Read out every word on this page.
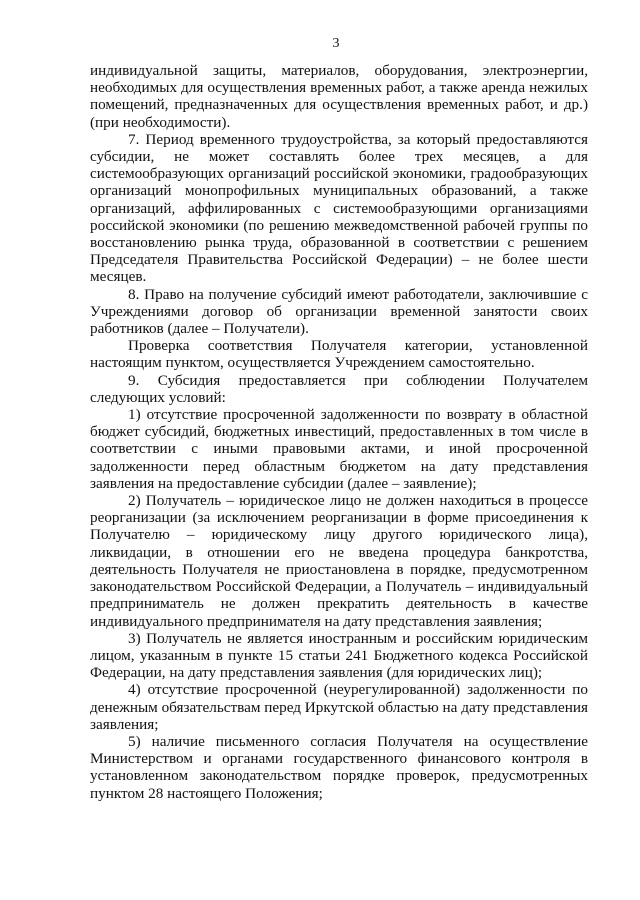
3

индивидуальной защиты, материалов, оборудования, электроэнергии, необходимых для осуществления временных работ, а также аренда нежилых помещений, предназначенных для осуществления временных работ, и др.) (при необходимости).

7. Период временного трудоустройства, за который предоставляются субсидии, не может составлять более трех месяцев, а для системообразующих организаций российской экономики, градообразующих организаций монопрофильных муниципальных образований, а также организаций, аффилированных с системообразующими организациями российской экономики (по решению межведомственной рабочей группы по восстановлению рынка труда, образованной в соответствии с решением Председателя Правительства Российской Федерации) – не более шести месяцев.

8. Право на получение субсидий имеют работодатели, заключившие с Учреждениями договор об организации временной занятости своих работников (далее – Получатели).

Проверка соответствия Получателя категории, установленной настоящим пунктом, осуществляется Учреждением самостоятельно.

9. Субсидия предоставляется при соблюдении Получателем следующих условий:

1) отсутствие просроченной задолженности по возврату в областной бюджет субсидий, бюджетных инвестиций, предоставленных в том числе в соответствии с иными правовыми актами, и иной просроченной задолженности перед областным бюджетом на дату представления заявления на предоставление субсидии (далее – заявление);

2) Получатель – юридическое лицо не должен находиться в процессе реорганизации (за исключением реорганизации в форме присоединения к Получателю – юридическому лицу другого юридического лица), ликвидации, в отношении его не введена процедура банкротства, деятельность Получателя не приостановлена в порядке, предусмотренном законодательством Российской Федерации, а Получатель – индивидуальный предприниматель не должен прекратить деятельность в качестве индивидуального предпринимателя на дату представления заявления;

3) Получатель не является иностранным и российским юридическим лицом, указанным в пункте 15 статьи 241 Бюджетного кодекса Российской Федерации, на дату представления заявления (для юридических лиц);

4) отсутствие просроченной (неурегулированной) задолженности по денежным обязательствам перед Иркутской областью на дату представления заявления;

5) наличие письменного согласия Получателя на осуществление Министерством и органами государственного финансового контроля в установленном законодательством порядке проверок, предусмотренных пунктом 28 настоящего Положения;
